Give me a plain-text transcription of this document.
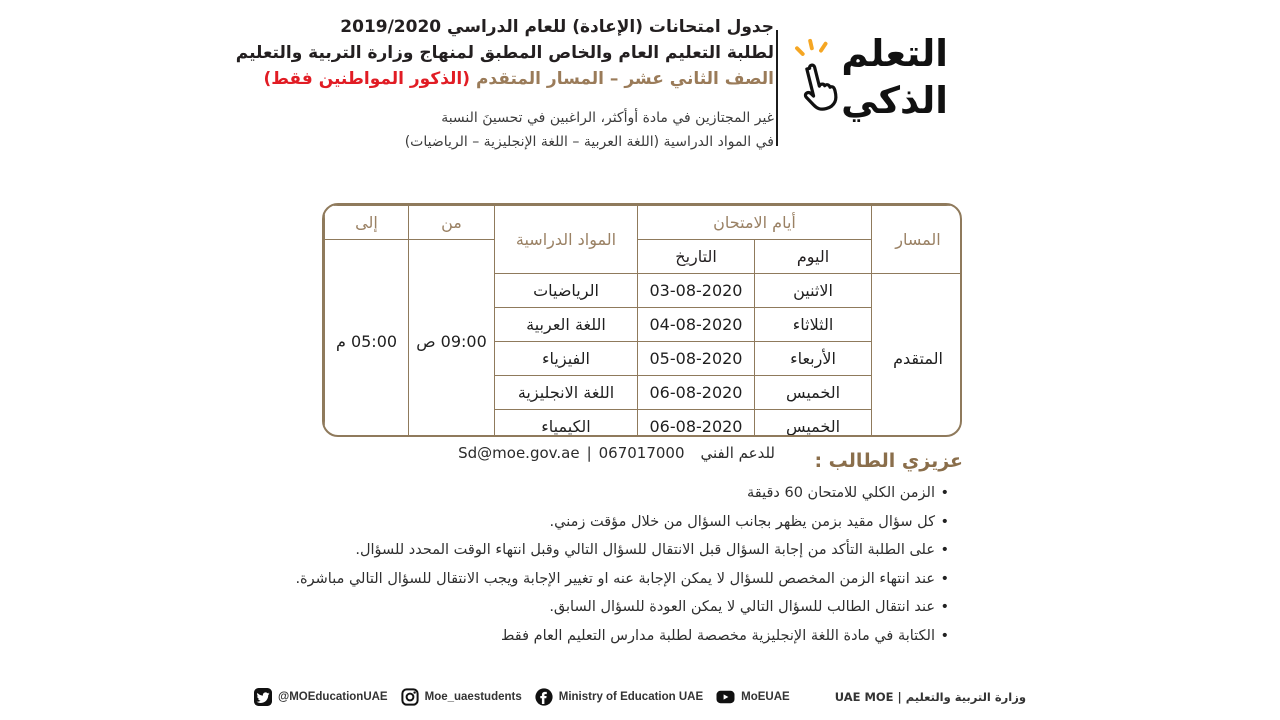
جدول امتحانات (الإعادة) للعام الدراسي 2019/2020
لطلبة التعليم العام والخاص المطبق لمنهاج وزارة التربية والتعليم
الصف الثاني عشر – المسار المتقدم (الذكور المواطنين فقط)
غير المجتازين في مادة أوأكثر، الراغبين في تحسينَ النسبة
في المواد الدراسية (اللغة العربية – اللغة الإنجليزية – الرياضيات)
التعلم
الذكي
المسار	أيام الامتحان		المواد الدراسية	من	إلى
	اليوم	التاريخ		09:00 ص	05:00 م
المتقدم	الاثنين	03-08-2020	الرياضيات		
	الثلاثاء	04-08-2020	اللغة العربية		
	الأربعاء	05-08-2020	الفيزياء		
	الخميس	06-08-2020	اللغة الانجليزية		
	الخميس	06-08-2020	الكيمياء		
للدعم الفني067017000|Sd@moe.gov.ae	عزيزي الطالب :
• الزمن الكلي للامتحان 60 دقيقة
• كل سؤال مقيد بزمن يظهر بجانب السؤال من خلال مؤقت زمني.
• على الطلبة التأكد من إجابة السؤال قبل الانتقال للسؤال التالي وقبل انتهاء الوقت المحدد للسؤال.
• عند انتهاء الزمن المخصص للسؤال لا يمكن الإجابة عنه او تغيير الإجابة ويجب الانتقال للسؤال التالي مباشرة.
• عند انتقال الطالب للسؤال التالي لا يمكن العودة للسؤال السابق.
• الكتابة في مادة اللغة الإنجليزية مخصصة لطلبة مدارس التعليم العام فقط
@MOEducationUAE	Moe_uaestudents	Ministry of Education UAE	MoEUAE	وزارة التربية والتعليم | UAE MOE
